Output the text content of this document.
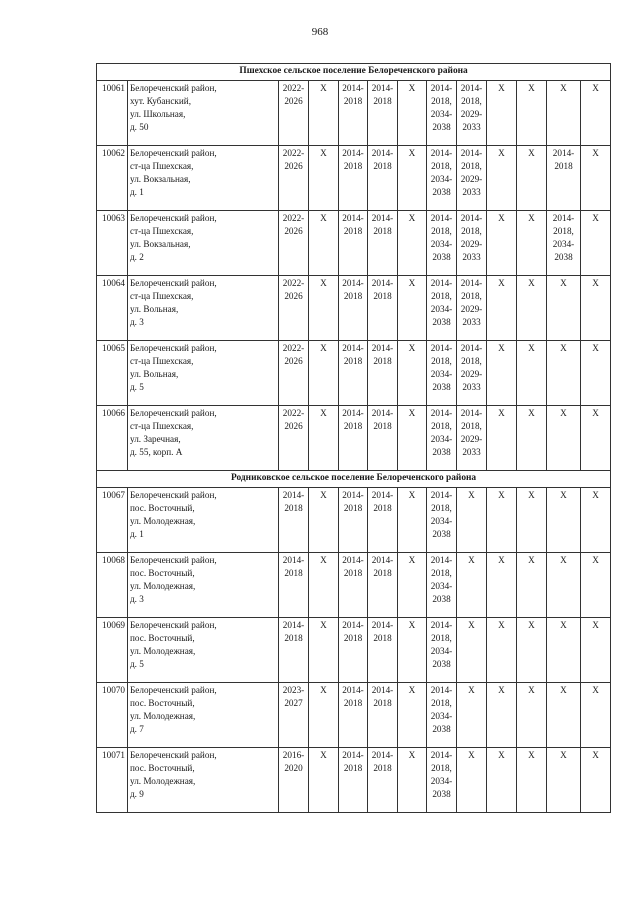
968
Пшехское сельское поселение Белореченского района												
10061	Белореченский район,
хут. Кубанский,
ул. Школьная,
д. 50	2022-
2026	Х	2014-
2018	2014-
2018	Х	2014-
2018,
2034-
2038	2014-
2018,
2029-
2033	Х	Х	Х	Х

10062	Белореченский район,
ст-ца Пшехская,
ул. Вокзальная,
д. 1	2022-
2026	Х	2014-
2018	2014-
2018	Х	2014-
2018,
2034-
2038	2014-
2018,
2029-
2033	Х	Х	2014-
2018	Х

10063	Белореченский район,
ст-ца Пшехская,
ул. Вокзальная,
д. 2	2022-
2026	Х	2014-
2018	2014-
2018	Х	2014-
2018,
2034-
2038	2014-
2018,
2029-
2033	Х	Х	2014-
2018,
2034-
2038	Х

10064	Белореченский район,
ст-ца Пшехская,
ул. Вольная,
д. 3	2022-
2026	Х	2014-
2018	2014-
2018	Х	2014-
2018,
2034-
2038	2014-
2018,
2029-
2033	Х	Х	Х	Х

10065	Белореченский район,
ст-ца Пшехская,
ул. Вольная,
д. 5	2022-
2026	Х	2014-
2018	2014-
2018	Х	2014-
2018,
2034-
2038	2014-
2018,
2029-
2033	Х	Х	Х	Х

10066	Белореченский район,
ст-ца Пшехская,
ул. Заречная,
д. 55, корп. А	2022-
2026	Х	2014-
2018	2014-
2018	Х	2014-
2018,
2034-
2038	2014-
2018,
2029-
2033	Х	Х	Х	Х

Родниковское сельское поселение Белореченского района												
10067	Белореченский район,
пос. Восточный,
ул. Молодежная,
д. 1	2014-
2018	Х	2014-
2018	2014-
2018	Х	2014-
2018,
2034-
2038	Х	Х	Х	Х	Х

10068	Белореченский район,
пос. Восточный,
ул. Молодежная,
д. 3	2014-
2018	Х	2014-
2018	2014-
2018	Х	2014-
2018,
2034-
2038	Х	Х	Х	Х	Х

10069	Белореченский район,
пос. Восточный,
ул. Молодежная,
д. 5	2014-
2018	Х	2014-
2018	2014-
2018	Х	2014-
2018,
2034-
2038	Х	Х	Х	Х	Х

10070	Белореченский район,
пос. Восточный,
ул. Молодежная,
д. 7	2023-
2027	Х	2014-
2018	2014-
2018	Х	2014-
2018,
2034-
2038	Х	Х	Х	Х	Х

10071	Белореченский район,
пос. Восточный,
ул. Молодежная,
д. 9	2016-
2020	Х	2014-
2018	2014-
2018	Х	2014-
2018,
2034-
2038	Х	Х	Х	Х	Х
